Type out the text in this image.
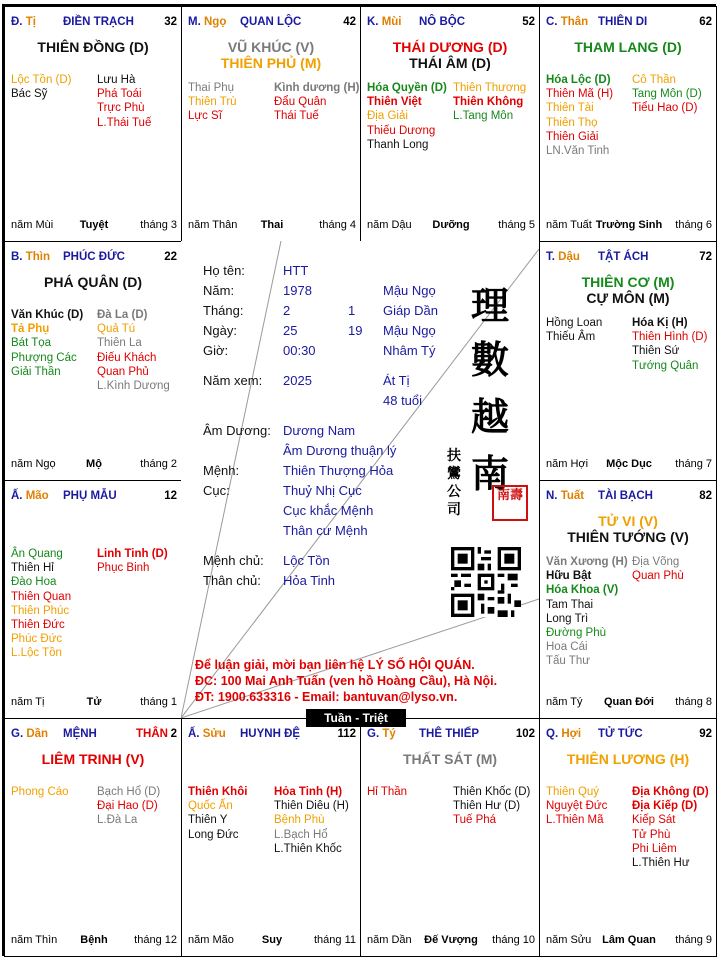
Đ. Tị ĐIỀN TRẠCH	32
THIÊN ĐỒNG (D)
Lộc Tồn (D)
Bác Sỹ
Lưu Hà
Phá Toái
Trực Phù
L.Thái Tuế
năm Mùi	Tuyệt	tháng 3
M. Ngọ QUAN LỘC	42
VŨ KHÚC (V)
THIÊN PHỦ (M)
Thai Phụ
Thiên Trù
Lực Sĩ
Kình dương (H)
Đẩu Quân
Thái Tuế
năm Thân	Thai	tháng 4
K. Mùi NÔ BỘC	52
THÁI DƯƠNG (D)
THÁI ÂM (D)
Hóa Quyền (D)
Thiên Việt
Địa Giải
Thiếu Dương
Thanh Long
Thiên Thương
Thiên Không
L.Tang Môn
năm Dậu	Dưỡng	tháng 5
C. Thân THIÊN DI	62
THAM LANG (D)
Hóa Lộc (D)
Thiên Mã (H)
Thiên Tài
Thiên Thọ
Thiên Giải
LN.Văn Tinh
Cô Thần
Tang Môn (D)
Tiểu Hao (D)
năm Tuất Trường Sinh	tháng 6
B. Thìn PHÚC ĐỨC	22
PHÁ QUÂN (D)
Văn Khúc (D)
Tả Phụ
Bát Tọa
Phượng Các
Giải Thần
Đà La (D)
Quả Tú
Thiên La
Điếu Khách
Quan Phủ
L.Kình Dương
năm Ngọ	Mộ	tháng 2
T. Dậu TẬT ÁCH	72
THIÊN CƠ (M)
CỰ MÔN (M)
Hồng Loan
Thiếu Âm
Hóa Kị (H)
Thiên Hình (D)
Thiên Sứ
Tướng Quân
năm Hợi	Mộc Dục	tháng 7
Ấ. Mão PHỤ MẪU	12
Ân Quang
Thiên Hỉ
Đào Hoa
Thiên Quan
Thiên Phúc
Thiên Đức
Phúc Đức
L.Lộc Tồn
Linh Tinh (D)
Phục Binh
năm Tị	Tử	tháng 1
N. Tuất TÀI BẠCH	82
TỬ VI (V)
THIÊN TƯỚNG (V)
Văn Xương (H)
Hữu Bật
Hóa Khoa (V)
Tam Thai
Long Trì
Đường Phù
Hoa Cái
Tấu Thư
Địa Võng
Quan Phù
năm Tý	Quan Đới	tháng 8
G. Dần MỆNH	THÂN 2
LIÊM TRINH (V)
Phong Cáo Bạch Hổ (D)
Đại Hao (D)
L.Đà La
năm Thìn	Bệnh	tháng 12
Ấ. Sửu HUYNH ĐỆ	112
Thiên Khôi
Quốc Ấn
Thiên Y
Long Đức
Hỏa Tinh (H)
Thiên Diêu (H)
Bệnh Phù
L.Bạch Hổ
L.Thiên Khốc
năm Mão	Suy	tháng 11
G. Tý THÊ THIẾP	102
THẤT SÁT (M)
Hỉ Thần	Thiên Khốc (D)
Thiên Hư (D)
Tuế Phá
năm Dần	Đế Vượng	tháng 10
Q. Hợi TỬ TỨC	92
THIÊN LƯƠNG (H)
Thiên Quý
Nguyệt Đức
L.Thiên Mã
Địa Không (D)
Địa Kiếp (D)
Kiếp Sát
Tử Phù
Phi Liêm
L.Thiên Hư
năm Sửu Lâm Quan	tháng 9
Họ tên:	HTT
Năm:	1978	Mậu Ngọ
Tháng:	2	1 Giáp Dần
Ngày:	25	19 Mậu Ngọ
Giờ:	00:30	Nhâm Tý
Năm xem: 2025	Át Tị
48 tuổi
Âm Dương: Dương Nam
Âm Dương thuận lý
Mệnh:	Thiên Thượng Hỏa
Cục:	Thuỷ Nhị Cục
Cục khắc Mệnh
Thân cư Mệnh
Mệnh chủ: Lộc Tồn
Thân chủ: Hỏa Tinh
理
數
越
南
扶
鸞
公
司
南壽
Để luận giải, mời bạn liên hệ LÝ SỐ HỘI QUÁN.
ĐC: 100 Mai Anh Tuấn (ven hồ Hoàng Cầu), Hà Nội.
ĐT: 1900.633316 - Email: bantuvan@lyso.vn.
Tuần - Triệt
